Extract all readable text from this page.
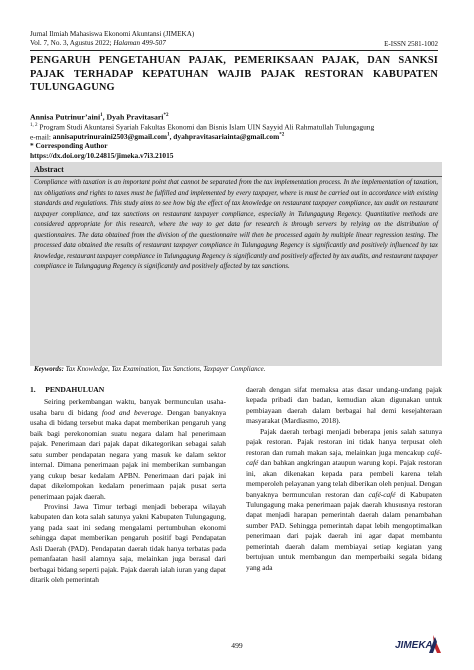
Jurnal Ilmiah Mahasiswa Ekonomi Akuntansi (JIMEKA)
Vol. 7, No. 3, Agustus 2022; Halaman 499-507	E-ISSN 2581-1002
PENGARUH PENGETAHUAN PAJAK, PEMERIKSAAN PAJAK, DAN SANKSI PAJAK TERHADAP KEPATUHAN WAJIB PAJAK RESTORAN KABUPATEN TULUNGAGUNG
Annisa Putrinur’aini$^1$, Dyah Pravitasari$^{*2}$
$^{1, 2}$ Program Studi Akuntansi Syariah Fakultas Ekonomi dan Bisnis Islam UIN Sayyid Ali Rahmatullah Tulungagung
e-mail: annisaputrinuraini2503@gmail.com$^1$, dyahpravitasariainta@gmail.com$^{*2}$
* Corresponding Author
https://dx.doi.org/10.24815/jimeka.v7i3.21015
Abstract
Compliance with taxation is an important point that cannot be separated from the tax implementation process. In the implementation of taxation, tax obligations and rights to taxes must be fulfilled and implemented by every taxpayer, where is must be carried out in accordance with existing standards and regulations. This study aims to see how big the effect of tax knowledge on restaurant taxpayer compliance, tax audit on restaurant taxpayer compliance, and tax sanctions on restaurant taxpayer compliance, especially in Tulungagung Regency. Quantitative methods are considered appropriate for this research, where the way to get data for research is through servers by relying on the distribution of questionnaires. The data obtained from the division of the questionnaire will then be processed again by multiple linear regression testing. The processed data obtained the results of restaurant taxpayer compliance in Tulungagung Regency is significantly and positively influenced by tax knowledge, restaurant taxpayer compliance in Tulungagung Regency is significantly and positively affected by tax audits, and restaurant taxpayer compliance in Tulungagung Regency is significantly and positively affected by tax sanctions.
Keywords: Tax Knowledge, Tax Examination, Tax Sanctions, Taxpayer Compliance.
1. PENDAHULUAN

Seiring perkembangan waktu, banyak bermunculan usaha-usaha baru di bidang food and beverage. Dengan banyaknya usaha di bidang tersebut maka dapat memberikan pengaruh yang baik bagi perekonomian suatu negara dalam hal penerimaan pajak. Penerimaan dari pajak dapat dikategorikan sebagai salah satu sumber pendapatan negara yang masuk ke dalam sektor internal. Dimana penerimaan pajak ini memberikan sumbangan yang cukup besar kedalam APBN. Penerimaan dari pajak ini dapat dikelompokan kedalam penerimaan pajak pusat serta penerimaan pajak daerah.

Provinsi Jawa Timur terbagi menjadi beberapa wilayah kabupaten dan kota salah satunya yakni Kabupaten Tulungagung, yang pada saat ini sedang mengalami pertumbuhan ekonomi sehingga dapat memberikan pengaruh positif bagi Pendapatan Asli Daerah (PAD). Pendapatan daerah tidak hanya terbatas pada pemanfaatan hasil alamnya saja, melainkan juga berasal dari berbagai bidang seperti pajak. Pajak daerah ialah iuran yang dapat ditarik oleh pemerintah

daerah dengan sifat memaksa atas dasar undang-undang pajak kepada pribadi dan badan, kemudian akan digunakan untuk pembiayaan daerah dalam berbagai hal demi kesejahteraan masyarakat (Mardiasmo, 2018).

Pajak daerah terbagi menjadi beberapa jenis salah satunya pajak restoran. Pajak restoran ini tidak hanya terpusat oleh restoran dan rumah makan saja, melainkan juga mencakup café-café dan bahkan angkringan ataupun warung kopi. Pajak restoran ini, akan dikenakan kepada para pembeli karena telah memperoleh pelayanan yang telah diberikan oleh penjual. Dengan banyaknya bermunculan restoran dan café-café di Kabupaten Tulungagung maka penerimaan pajak daerah khususnya restoran dapat menjadi harapan pemerintah daerah dalam penambahan sumber PAD. Sehingga pemerintah dapat lebih mengoptimalkan penerimaan dari pajak daerah ini agar dapat membantu pemerintah daerah dalam membiayai setiap kegiatan yang bertujuan untuk membangun dan memperbaiki segala bidang yang ada

499	JIMEKA
